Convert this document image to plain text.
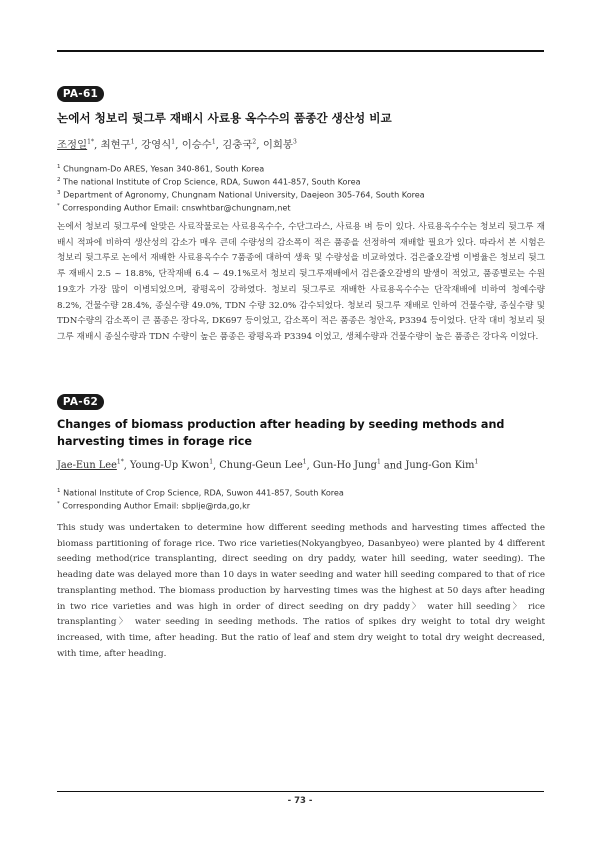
PA-61
논에서 청보리 뒷그루 재배시 사료용 옥수수의 품종간 생산성 비교
조정일$^{1*}$, 최현구$^1$, 강영식$^1$, 이승수$^1$, 김충국$^2$, 이희봉$^3$
$^1$ Chungnam-Do ARES, Yesan 340-861, South Korea
$^2$ The national Institute of Crop Science, RDA, Suwon 441-857, South Korea
$^3$ Department of Agronomy, Chungnam National University, Daejeon 305-764, South Korea
* Corresponding Author Email: cnswhtbar@chungnam,net
논에서 청보리 뒷그루에 알맞은 사료작물로는 사료용옥수수, 수단그라스, 사료용 벼 등이 있다. 사료용옥수수는 청보리 뒷그루 재배시 적파에 비하여 생산성의 감소가 매우 큰데 수량성의 감소폭이 적은 품종을 선정하여 재배할 필요가 있다. 따라서 본 시험은 청보리 뒷그루로 논에서 재배한 사료용옥수수 7품종에 대하여 생육 및 수량성을 비교하였다. 검은줄오갈병 이병율은 청보리 뒷그루 재배시 2.5 ~ 18.8%, 단작재배 6.4 ~ 49.1%로서 청보리 뒷그루재배에서 검은줄오갈병의 발생이 적었고, 품종별로는 수원 19호가 가장 많이 이병되었으며, 광평옥이 강하였다. 청보리 뒷그루로 재배한 사료용옥수수는 단작재배에 비하여 청예수량 8.2%, 건물수량 28.4%, 종실수량 49.0%, TDN 수량 32.0% 감수되었다. 청보리 뒷그루 재배로 인하여 건물수량, 종실수량 및 TDN수량의 감소폭이 큰 품종은 장다옥, DK697 등이었고, 감소폭이 적은 품종은 청안옥, P3394 등이었다. 단작 대비 청보리 뒷그루 재배시 종실수량과 TDN 수량이 높은 품종은 광평옥과 P3394 이었고, 생체수량과 건물수량이 높은 품종은 강다옥 이었다.
PA-62
Changes of biomass production after heading by seeding methods and harvesting times in forage rice
Jae-Eun Lee$^{1*}$, Young-Up Kwon$^1$, Chung-Geun Lee$^1$, Gun-Ho Jung$^1$ and Jung-Gon Kim$^1$
$^1$ National Institute of Crop Science, RDA, Suwon 441-857, South Korea
* Corresponding Author Email: sbplje@rda,go,kr
This study was undertaken to determine how different seeding methods and harvesting times affected the biomass partitioning of forage rice. Two rice varieties(Nokyangbyeo, Dasanbyeo) were planted by 4 different seeding method(rice transplanting, direct seeding on dry paddy, water hill seeding, water seeding). The heading date was delayed more than 10 days in water seeding and water hill seeding compared to that of rice transplanting method. The biomass production by harvesting times was the highest at 50 days after heading in two rice varieties and was high in order of direct seeding on dry paddy〉 water hill seeding〉 rice transplanting〉 water seeding in seeding methods. The ratios of spikes dry weight to total dry weight increased, with time, after heading. But the ratio of leaf and stem dry weight to total dry weight decreased, with time, after heading.
- 73 -
